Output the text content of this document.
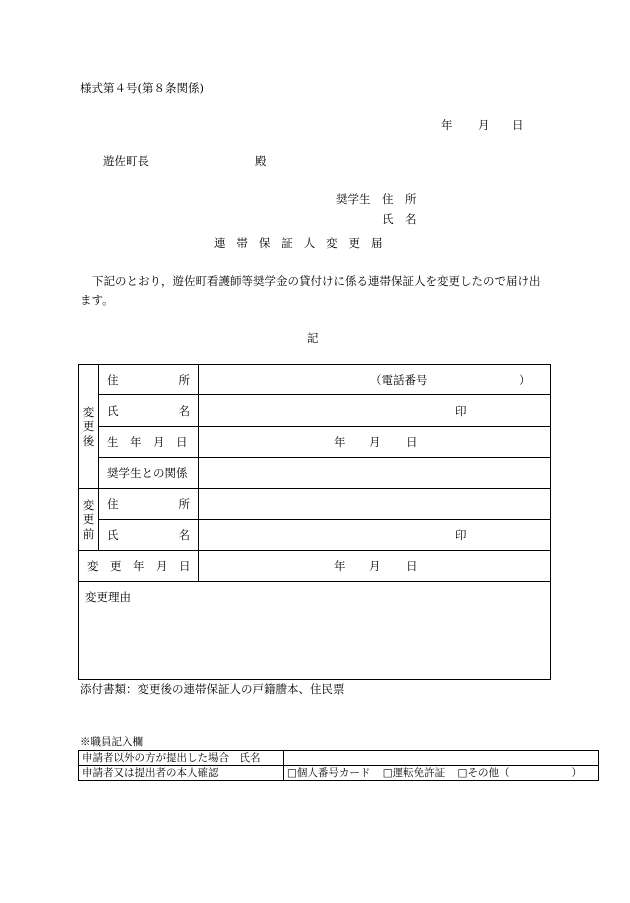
様式第４号(第８条関係)
年 月 日
遊佐町長	殿
奨学生 住　所
氏　名
連帯保証人変更届
下記のとおり，遊佐町看護師等奨学金の貸付けに係る連帯保証人を変更したので届け出
ます。
記
変
更
後	住 所	（電話番号 ）

	氏 名	印

	生　年　月　日	年 月 日

	奨学生との関係	

変
更
前	住 所	

	氏 名	印

変　更　年　月　日		年 月 日

変更理由		
添付書類：変更後の連帯保証人の戸籍謄本、住民票
※職員記入欄
申請者以外の方が提出した場合　氏名	
申請者又は提出者の本人確認	□個人番号カード □運転免許証 □その他（ ）
